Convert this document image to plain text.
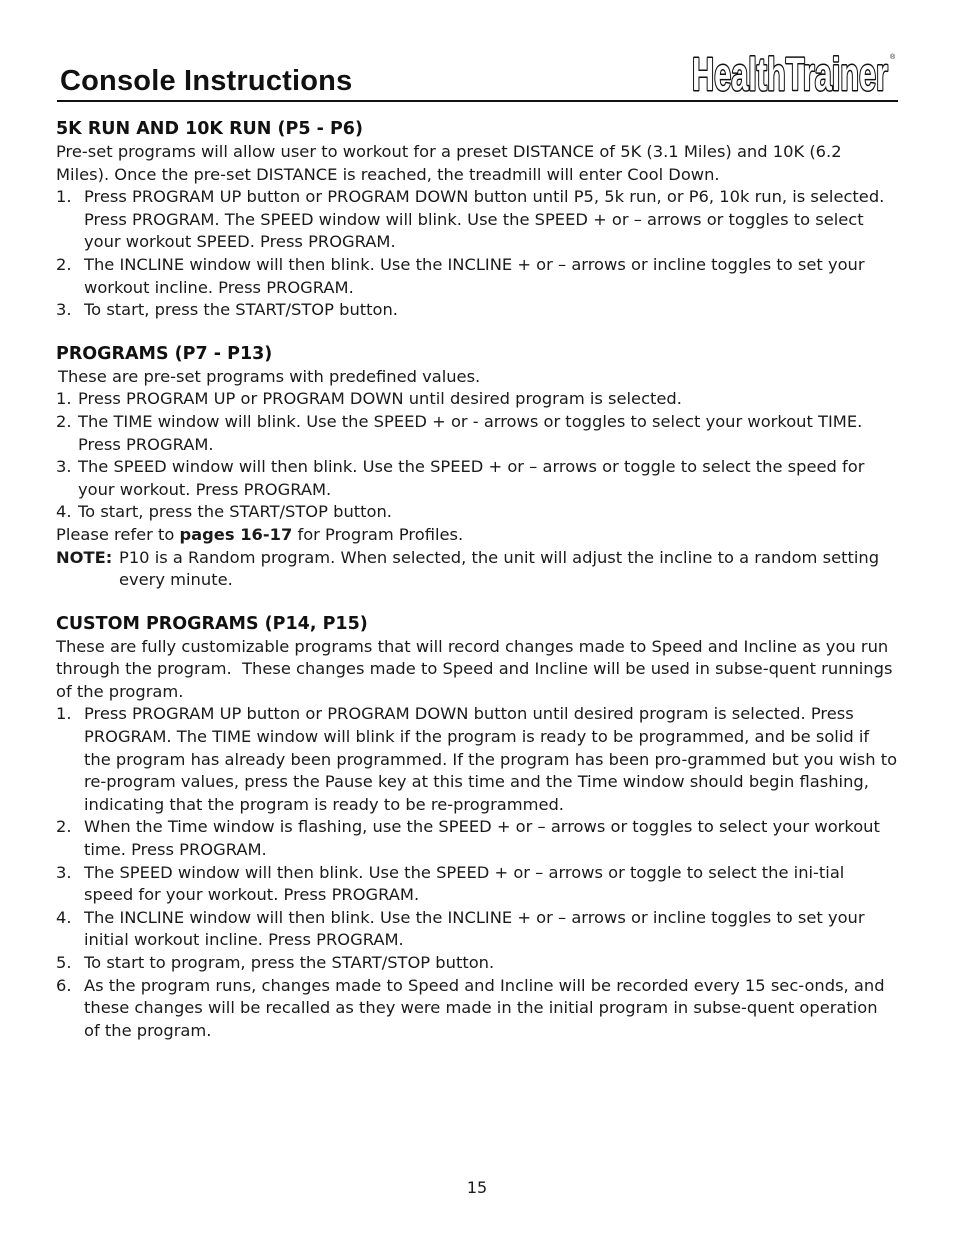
Console Instructions	HealthTrainer ®
5K RUN AND 10K RUN (P5 - P6)

Pre-set programs will allow user to workout for a preset DISTANCE of 5K (3.1 Miles) and 10K (6.2 Miles). Once the pre-set DISTANCE is reached, the treadmill will enter Cool Down.

1. Press PROGRAM UP button or PROGRAM DOWN button until P5, 5k run, or P6, 10k run, is selected. Press PROGRAM. The SPEED window will blink. Use the SPEED + or – arrows or toggles to select your workout SPEED. Press PROGRAM.
2. The INCLINE window will then blink. Use the INCLINE + or – arrows or incline toggles to set your workout incline. Press PROGRAM.
3. To start, press the START/STOP button.
PROGRAMS (P7 - P13)

These are pre-set programs with predefined values.

1. Press PROGRAM UP or PROGRAM DOWN until desired program is selected.
2. The TIME window will blink. Use the SPEED + or - arrows or toggles to select your workout TIME. Press PROGRAM.
3. The SPEED window will then blink. Use the SPEED + or – arrows or toggle to select the speed for your workout. Press PROGRAM.
4. To start, press the START/STOP button.

Please refer to pages 16-17 for Program Profiles.

NOTE: P10 is a Random program. When selected, the unit will adjust the incline to a random setting every minute.
CUSTOM PROGRAMS (P14, P15)

These are fully customizable programs that will record changes made to Speed and Incline as you run through the program.  These changes made to Speed and Incline will be used in subse-quent runnings of the program.

1. Press PROGRAM UP button or PROGRAM DOWN button until desired program is selected. Press PROGRAM. The TIME window will blink if the program is ready to be programmed, and be solid if the program has already been programmed. If the program has been pro-grammed but you wish to re-program values, press the Pause key at this time and the Time window should begin flashing, indicating that the program is ready to be re-programmed.
2. When the Time window is flashing, use the SPEED + or – arrows or toggles to select your workout time. Press PROGRAM.
3. The SPEED window will then blink. Use the SPEED + or – arrows or toggle to select the ini-tial speed for your workout. Press PROGRAM.
4. The INCLINE window will then blink. Use the INCLINE + or – arrows or incline toggles to set your initial workout incline. Press PROGRAM.
5. To start to program, press the START/STOP button.
6. As the program runs, changes made to Speed and Incline will be recorded every 15 sec-onds, and these changes will be recalled as they were made in the initial program in subse-quent operation of the program.
15
